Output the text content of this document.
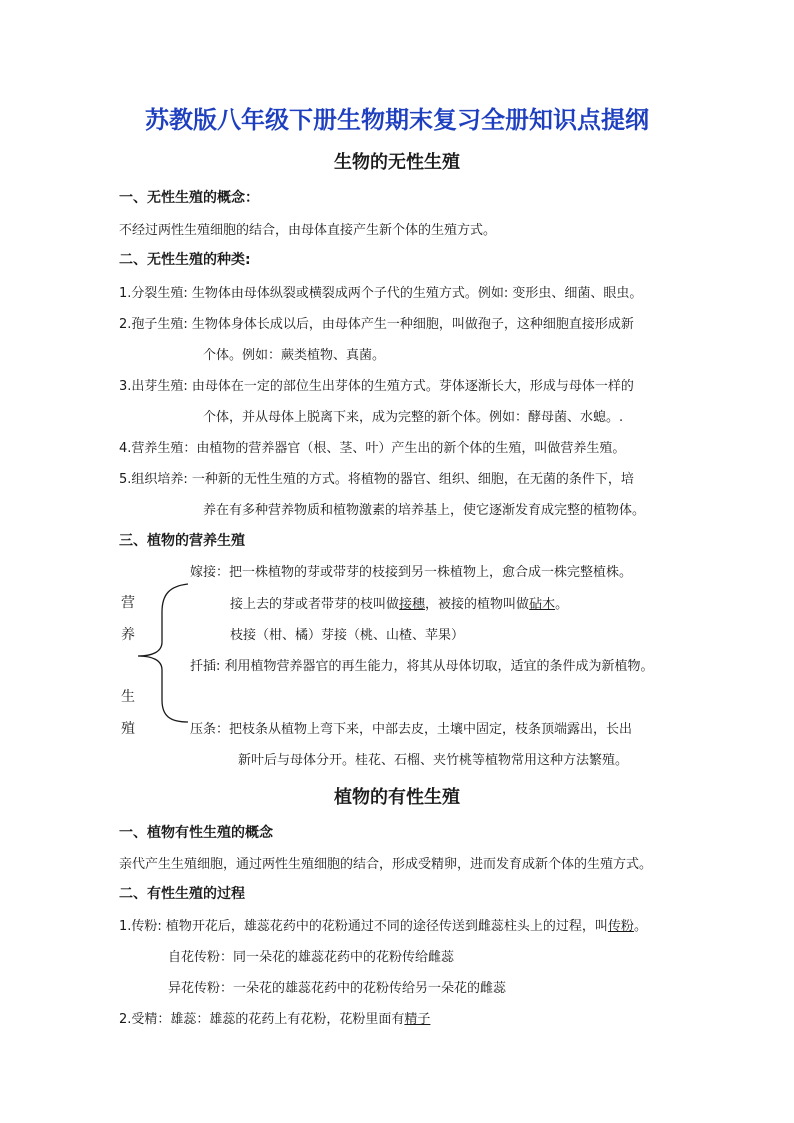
苏教版八年级下册生物期末复习全册知识点提纲
生物的无性生殖
一、无性生殖的概念：
不经过两性生殖细胞的结合，由母体直接产生新个体的生殖方式。
二、无性生殖的种类:
1.分裂生殖: 生物体由母体纵裂或横裂成两个子代的生殖方式。例如: 变形虫、细菌、眼虫。
2.孢子生殖: 生物体身体长成以后，由母体产生一种细胞，叫做孢子，这种细胞直接形成新
个体。例如：蕨类植物、真菌。
3.出芽生殖: 由母体在一定的部位生出芽体的生殖方式。芽体逐渐长大，形成与母体一样的
个体，并从母体上脱离下来，成为完整的新个体。例如：酵母菌、水螅。.
4.营养生殖：由植物的营养器官（根、茎、叶）产生出的新个体的生殖，叫做营养生殖。
5.组织培养: 一种新的无性生殖的方式。将植物的器官、组织、细胞，在无菌的条件下，培
养在有多种营养物质和植物激素的培养基上，使它逐渐发育成完整的植物体。
三、植物的营养生殖
营
养
生
殖
嫁接：把一株植物的芽或带芽的枝接到另一株植物上，愈合成一株完整植株。
接上去的芽或者带芽的枝叫做接穗，被接的植物叫做砧木。
枝接（柑、橘）芽接（桃、山楂、苹果）
扦插: 利用植物营养器官的再生能力，将其从母体切取，适宜的条件成为新植物。
压条：把枝条从植物上弯下来，中部去皮，土壤中固定，枝条顶端露出，长出
新叶后与母体分开。桂花、石榴、夹竹桃等植物常用这种方法繁殖。
植物的有性生殖
一、植物有性生殖的概念
亲代产生生殖细胞，通过两性生殖细胞的结合，形成受精卵，进而发育成新个体的生殖方式。
二、有性生殖的过程
1.传粉: 植物开花后，雄蕊花药中的花粉通过不同的途径传送到雌蕊柱头上的过程，叫传粉。
自花传粉：同一朵花的雄蕊花药中的花粉传给雌蕊
异花传粉：一朵花的雄蕊花药中的花粉传给另一朵花的雌蕊
2.受精：雄蕊：雄蕊的花药上有花粉，花粉里面有精子
